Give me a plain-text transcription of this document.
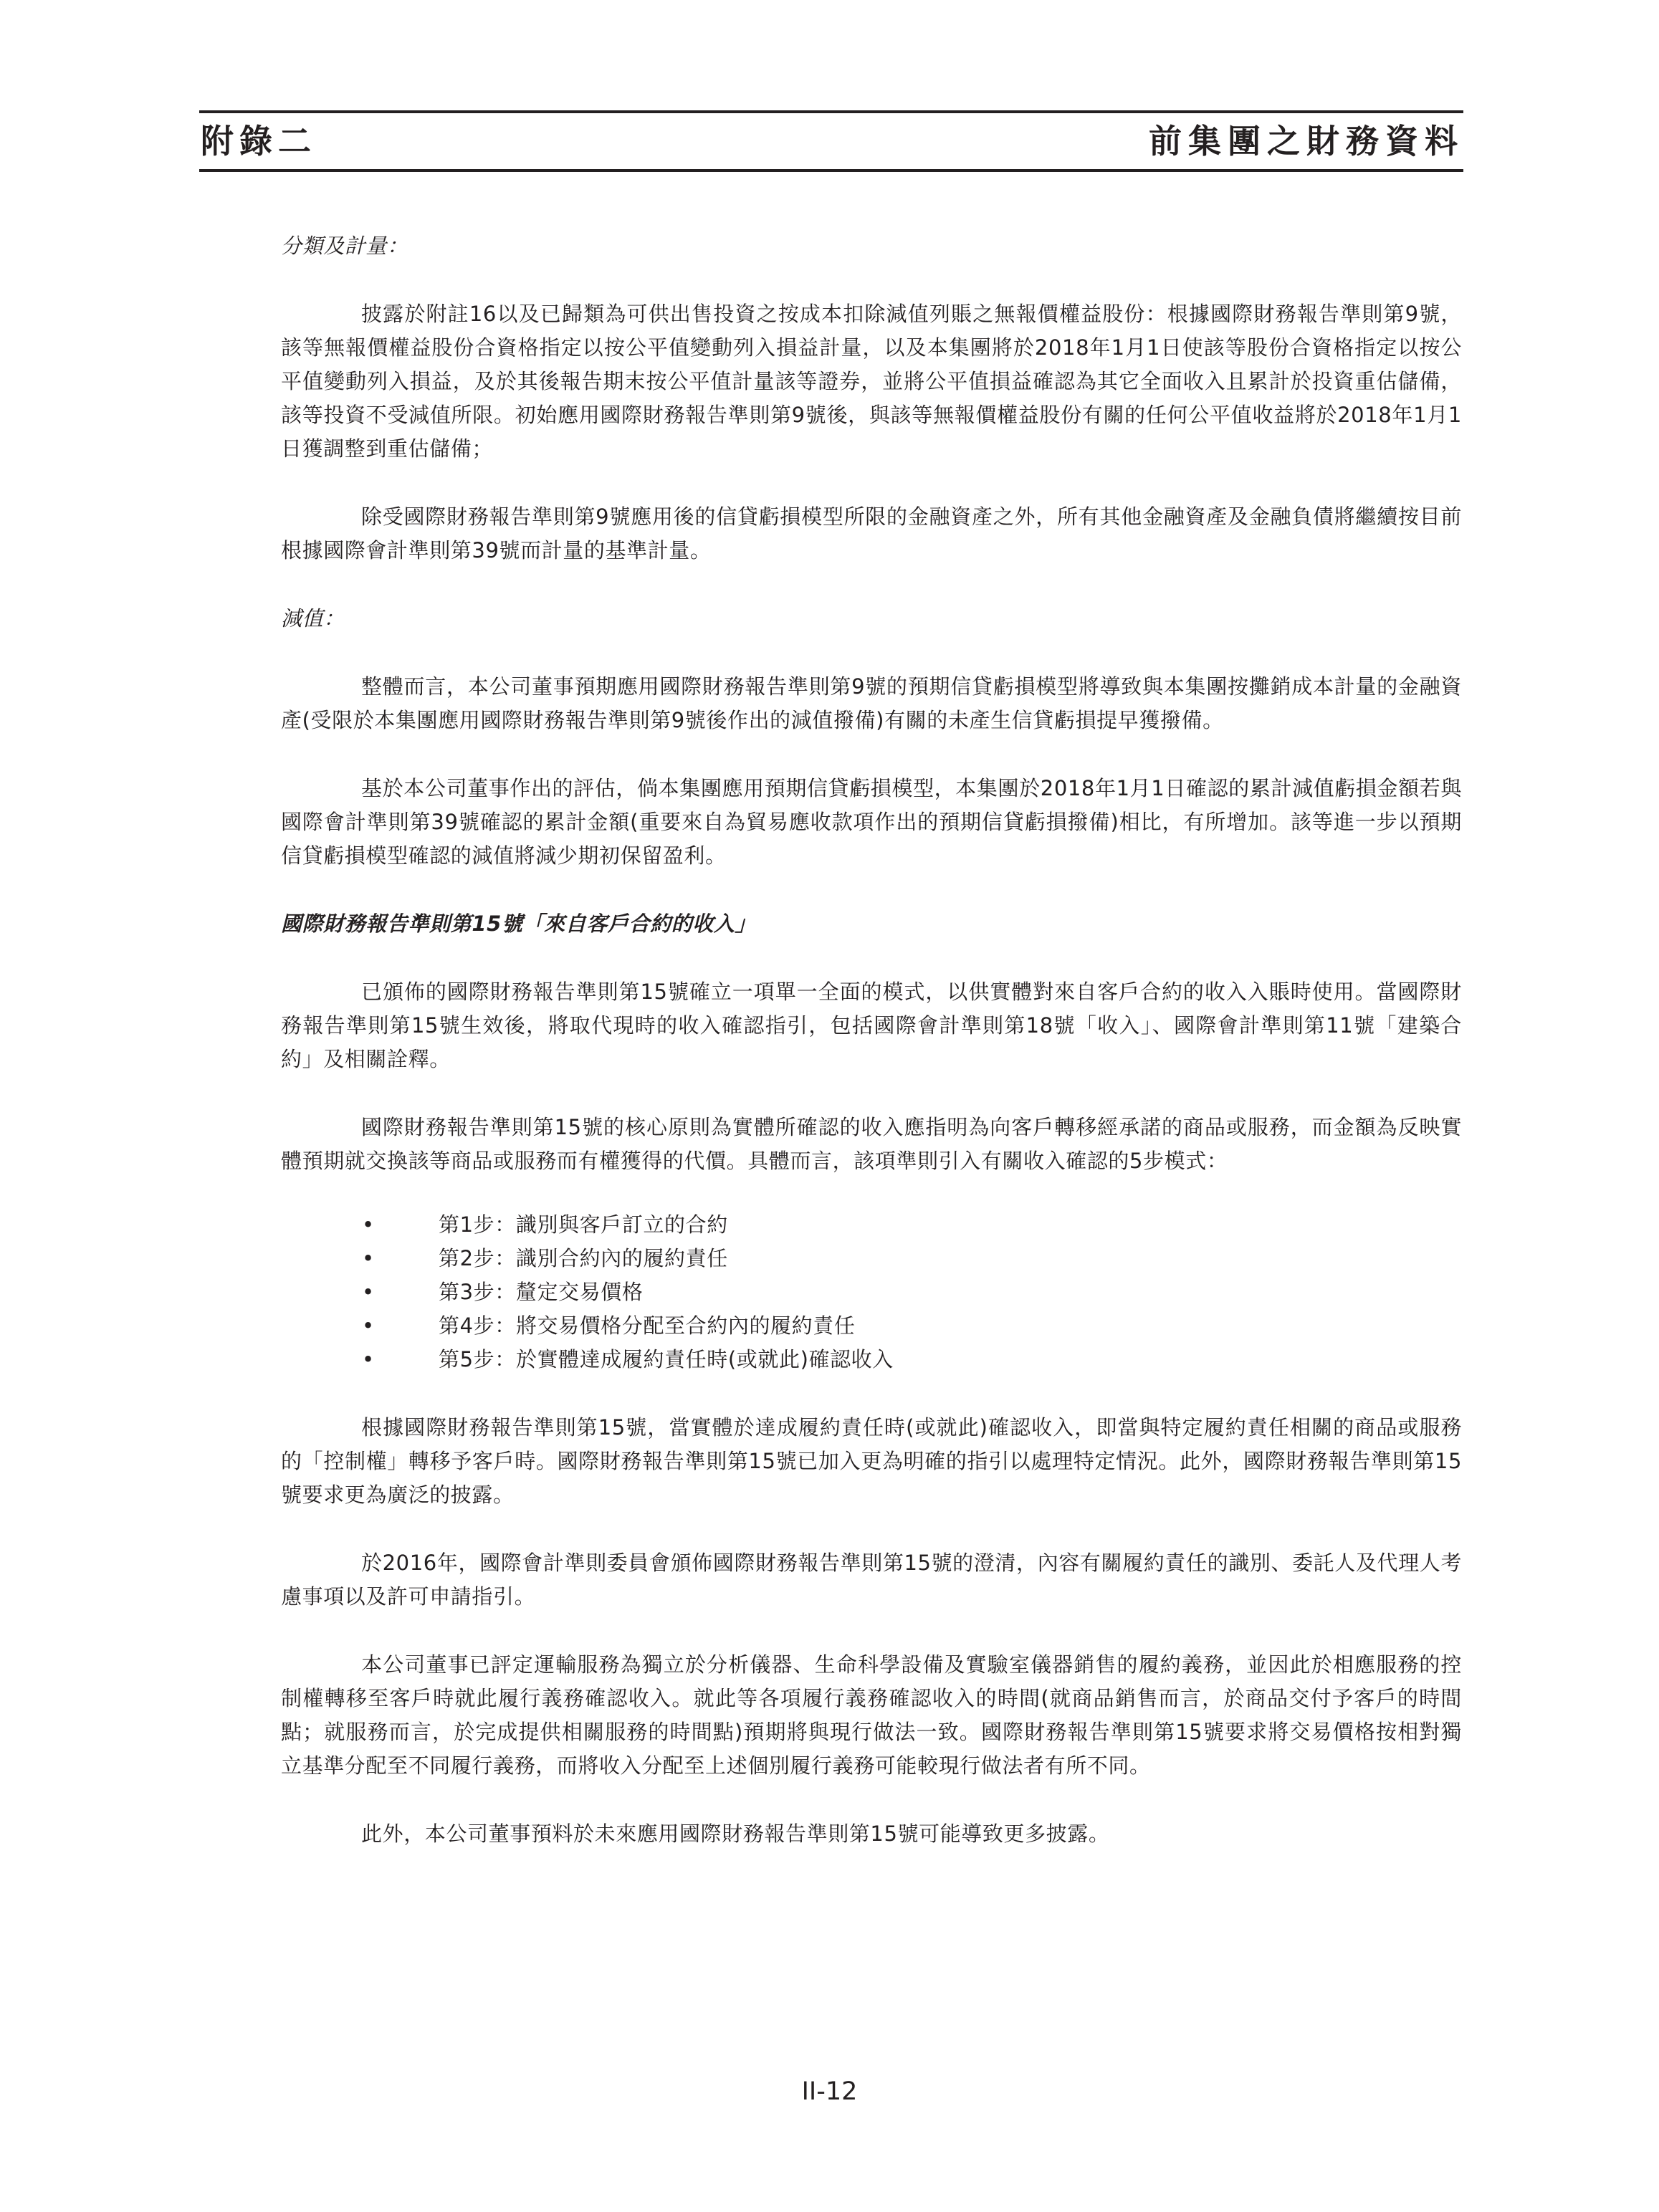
附錄二	前集團之財務資料

分類及計量：

披露於附註16以及已歸類為可供出售投資之按成本扣除減值列賬之無報價權益股份：根據國際財務報告準則第9號，該等無報價權益股份合資格指定以按公平值變動列入損益計量，以及本集團將於2018年1月1日使該等股份合資格指定以按公平值變動列入損益，及於其後報告期末按公平值計量該等證券，並將公平值損益確認為其它全面收入且累計於投資重估儲備，該等投資不受減值所限。初始應用國際財務報告準則第9號後，與該等無報價權益股份有關的任何公平值收益將於2018年1月1日獲調整到重估儲備；

除受國際財務報告準則第9號應用後的信貸虧損模型所限的金融資產之外，所有其他金融資產及金融負債將繼續按目前根據國際會計準則第39號而計量的基準計量。

減值：

整體而言，本公司董事預期應用國際財務報告準則第9號的預期信貸虧損模型將導致與本集團按攤銷成本計量的金融資產(受限於本集團應用國際財務報告準則第9號後作出的減值撥備)有關的未產生信貸虧損提早獲撥備。

基於本公司董事作出的評估，倘本集團應用預期信貸虧損模型，本集團於2018年1月1日確認的累計減值虧損金額若與國際會計準則第39號確認的累計金額(重要來自為貿易應收款項作出的預期信貸虧損撥備)相比，有所增加。該等進一步以預期信貸虧損模型確認的減值將減少期初保留盈利。

國際財務報告準則第15號「來自客戶合約的收入」

已頒佈的國際財務報告準則第15號確立一項單一全面的模式，以供實體對來自客戶合約的收入入賬時使用。當國際財務報告準則第15號生效後，將取代現時的收入確認指引，包括國際會計準則第18號「收入」、國際會計準則第11號「建築合約」及相關詮釋。

國際財務報告準則第15號的核心原則為實體所確認的收入應指明為向客戶轉移經承諾的商品或服務，而金額為反映實體預期就交換該等商品或服務而有權獲得的代價。具體而言，該項準則引入有關收入確認的5步模式：

•	第1步：識別與客戶訂立的合約
•	第2步：識別合約內的履約責任
•	第3步：釐定交易價格
•	第4步：將交易價格分配至合約內的履約責任
•	第5步：於實體達成履約責任時(或就此)確認收入

根據國際財務報告準則第15號，當實體於達成履約責任時(或就此)確認收入，即當與特定履約責任相關的商品或服務的「控制權」轉移予客戶時。國際財務報告準則第15號已加入更為明確的指引以處理特定情況。此外，國際財務報告準則第15號要求更為廣泛的披露。

於2016年，國際會計準則委員會頒佈國際財務報告準則第15號的澄清，內容有關履約責任的識別、委託人及代理人考慮事項以及許可申請指引。

本公司董事已評定運輸服務為獨立於分析儀器、生命科學設備及實驗室儀器銷售的履約義務，並因此於相應服務的控制權轉移至客戶時就此履行義務確認收入。就此等各項履行義務確認收入的時間(就商品銷售而言，於商品交付予客戶的時間點；就服務而言，於完成提供相關服務的時間點)預期將與現行做法一致。國際財務報告準則第15號要求將交易價格按相對獨立基準分配至不同履行義務，而將收入分配至上述個別履行義務可能較現行做法者有所不同。

此外，本公司董事預料於未來應用國際財務報告準則第15號可能導致更多披露。

II-12
